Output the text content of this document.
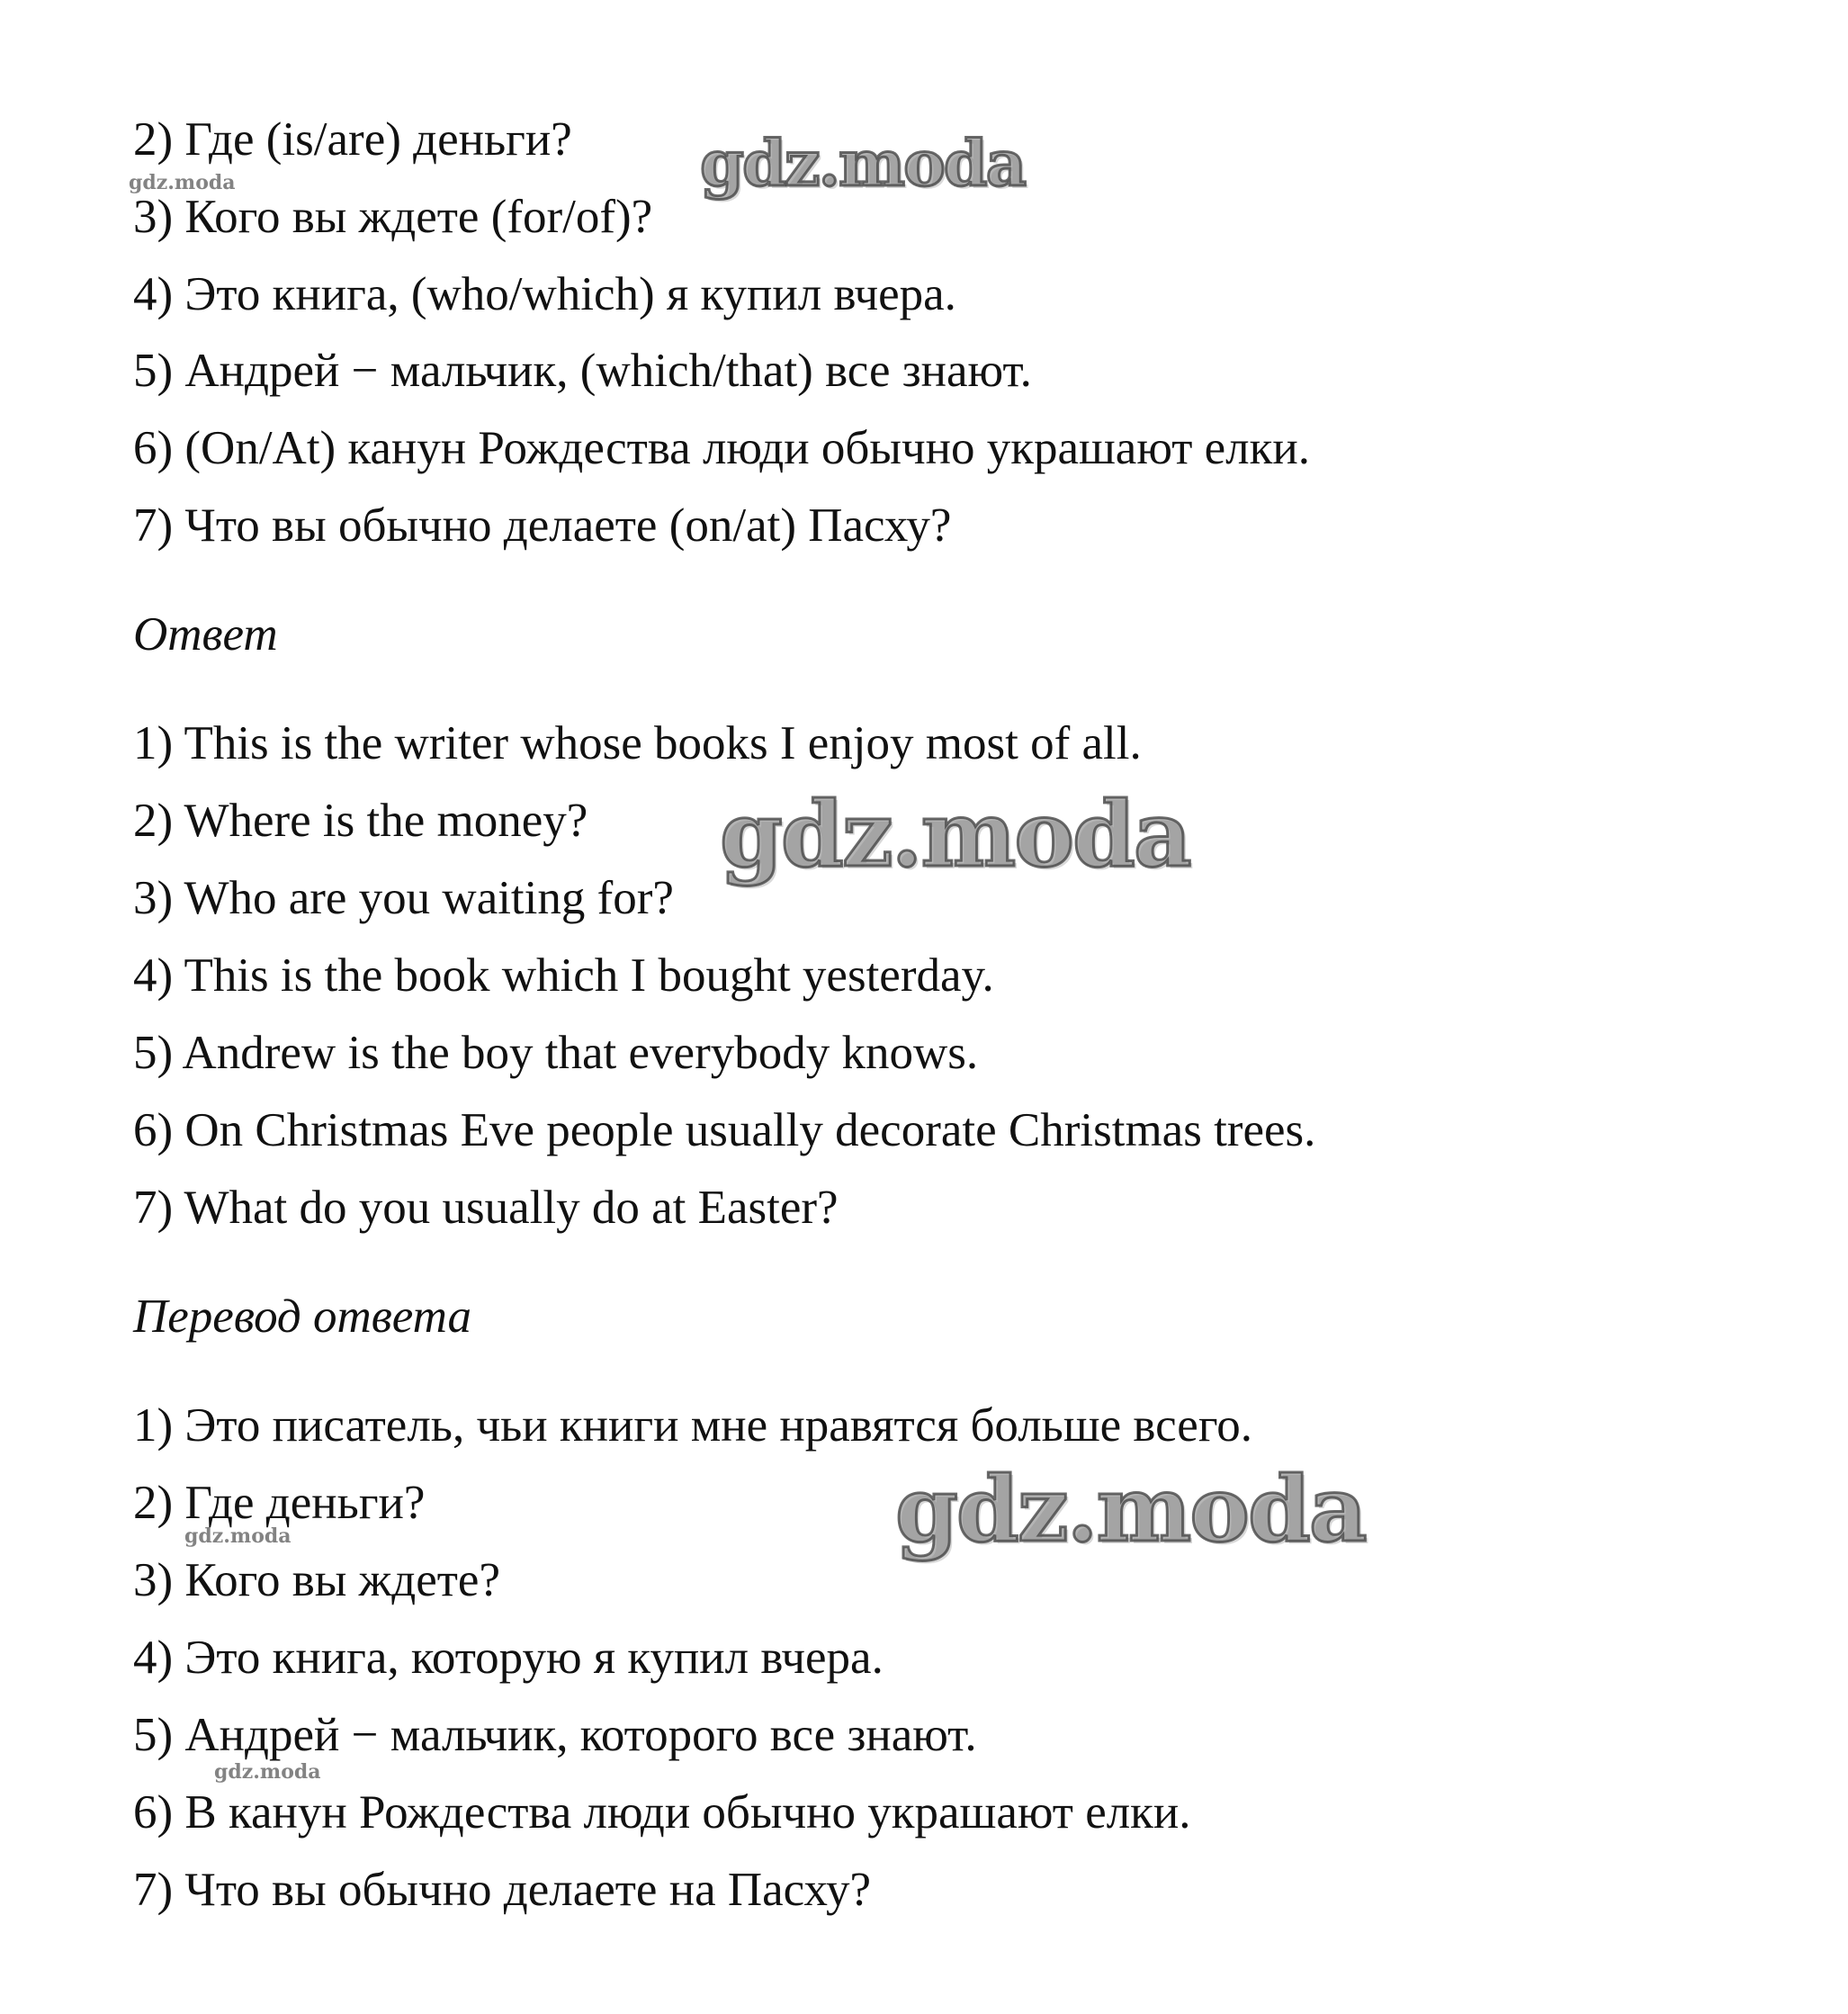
2) Где (is/are) деньги?
3) Кого вы ждете (for/of)?
4) Это книга, (who/which) я купил вчера.
5) Андрей − мальчик, (which/that) все знают.
6) (On/At) канун Рождества люди обычно украшают елки.
7) Что вы обычно делаете (on/at) Пасху?
Ответ
1) This is the writer whose books I enjoy most of all.
2) Where is the money?
3) Who are you waiting for?
4) This is the book which I bought yesterday.
5) Andrew is the boy that everybody knows.
6) On Christmas Eve people usually decorate Christmas trees.
7) What do you usually do at Easter?
Перевод ответа
1) Это писатель, чьи книги мне нравятся больше всего.
2) Где деньги?
3) Кого вы ждете?
4) Это книга, которую я купил вчера.
5) Андрей − мальчик, которого все знают.
6) В канун Рождества люди обычно украшают елки.
7) Что вы обычно делаете на Пасху?
gdz.moda
gdz.moda
gdz.moda
gdz.moda
gdz.moda
gdz.moda
